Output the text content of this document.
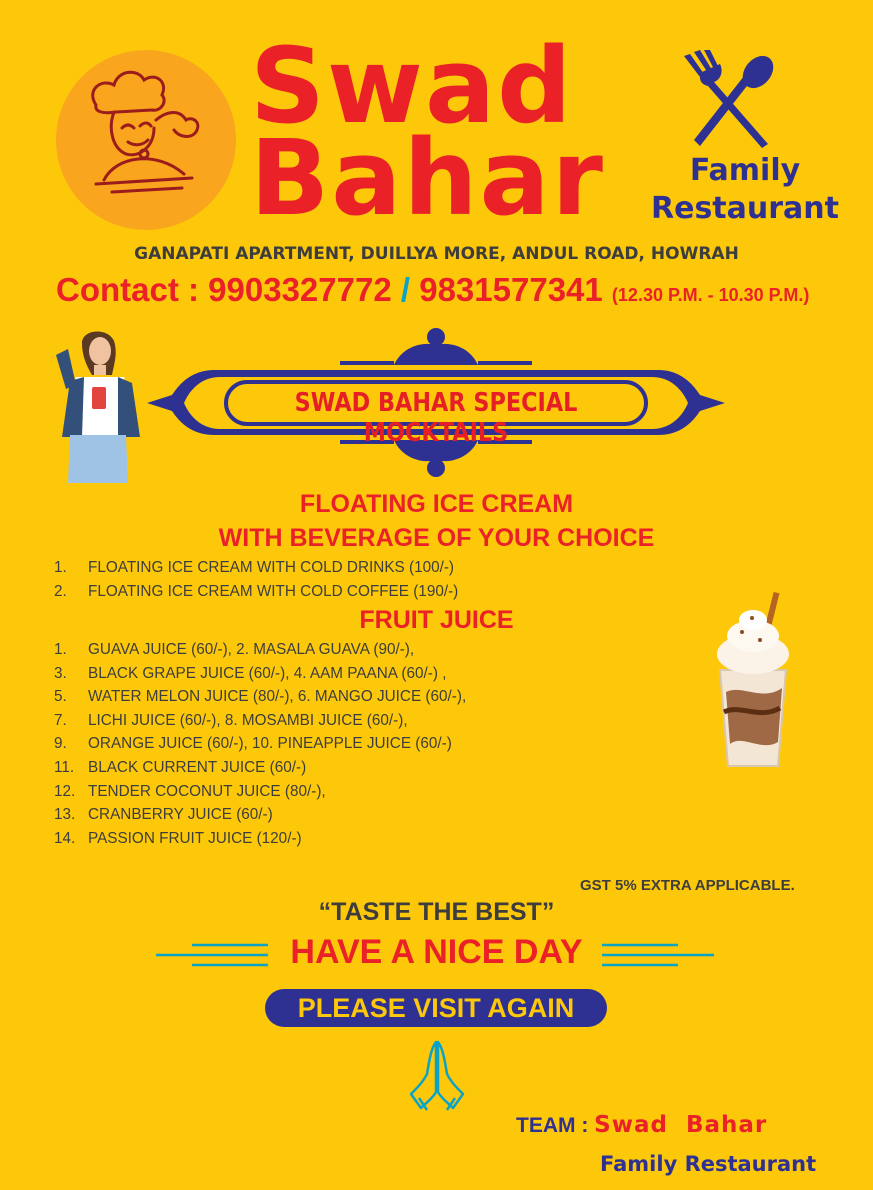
Swad
Bahar	Family
Restaurant
GANAPATI APARTMENT, DUILLYA MORE, ANDUL ROAD, HOWRAH
Contact : 9903327772 / 9831577341 (12.30 P.M. - 10.30 P.M.)
SWAD BAHAR SPECIAL MOCKTAILS
FLOATING ICE CREAM
WITH BEVERAGE OF YOUR CHOICE
1. FLOATING ICE CREAM WITH COLD DRINKS (100/-)
2. FLOATING ICE CREAM WITH COLD COFFEE (190/-)
FRUIT JUICE
1. GUAVA JUICE (60/-), 2. MASALA GUAVA (90/-),
3. BLACK GRAPE JUICE (60/-), 4. AAM PAANA (60/-) ,
5. WATER MELON JUICE (80/-), 6. MANGO JUICE (60/-),
7. LICHI JUICE (60/-), 8. MOSAMBI JUICE (60/-),
9. ORANGE JUICE (60/-), 10. PINEAPPLE JUICE (60/-)
11. BLACK CURRENT JUICE (60/-)
12. TENDER COCONUT JUICE (80/-),
13. CRANBERRY JUICE (60/-)
14. PASSION FRUIT JUICE (120/-)
GST 5% EXTRA APPLICABLE.
“TASTE THE BEST”
HAVE A NICE DAY
PLEASE VISIT AGAIN
TEAM : Swad  Bahar
Family Restaurant
